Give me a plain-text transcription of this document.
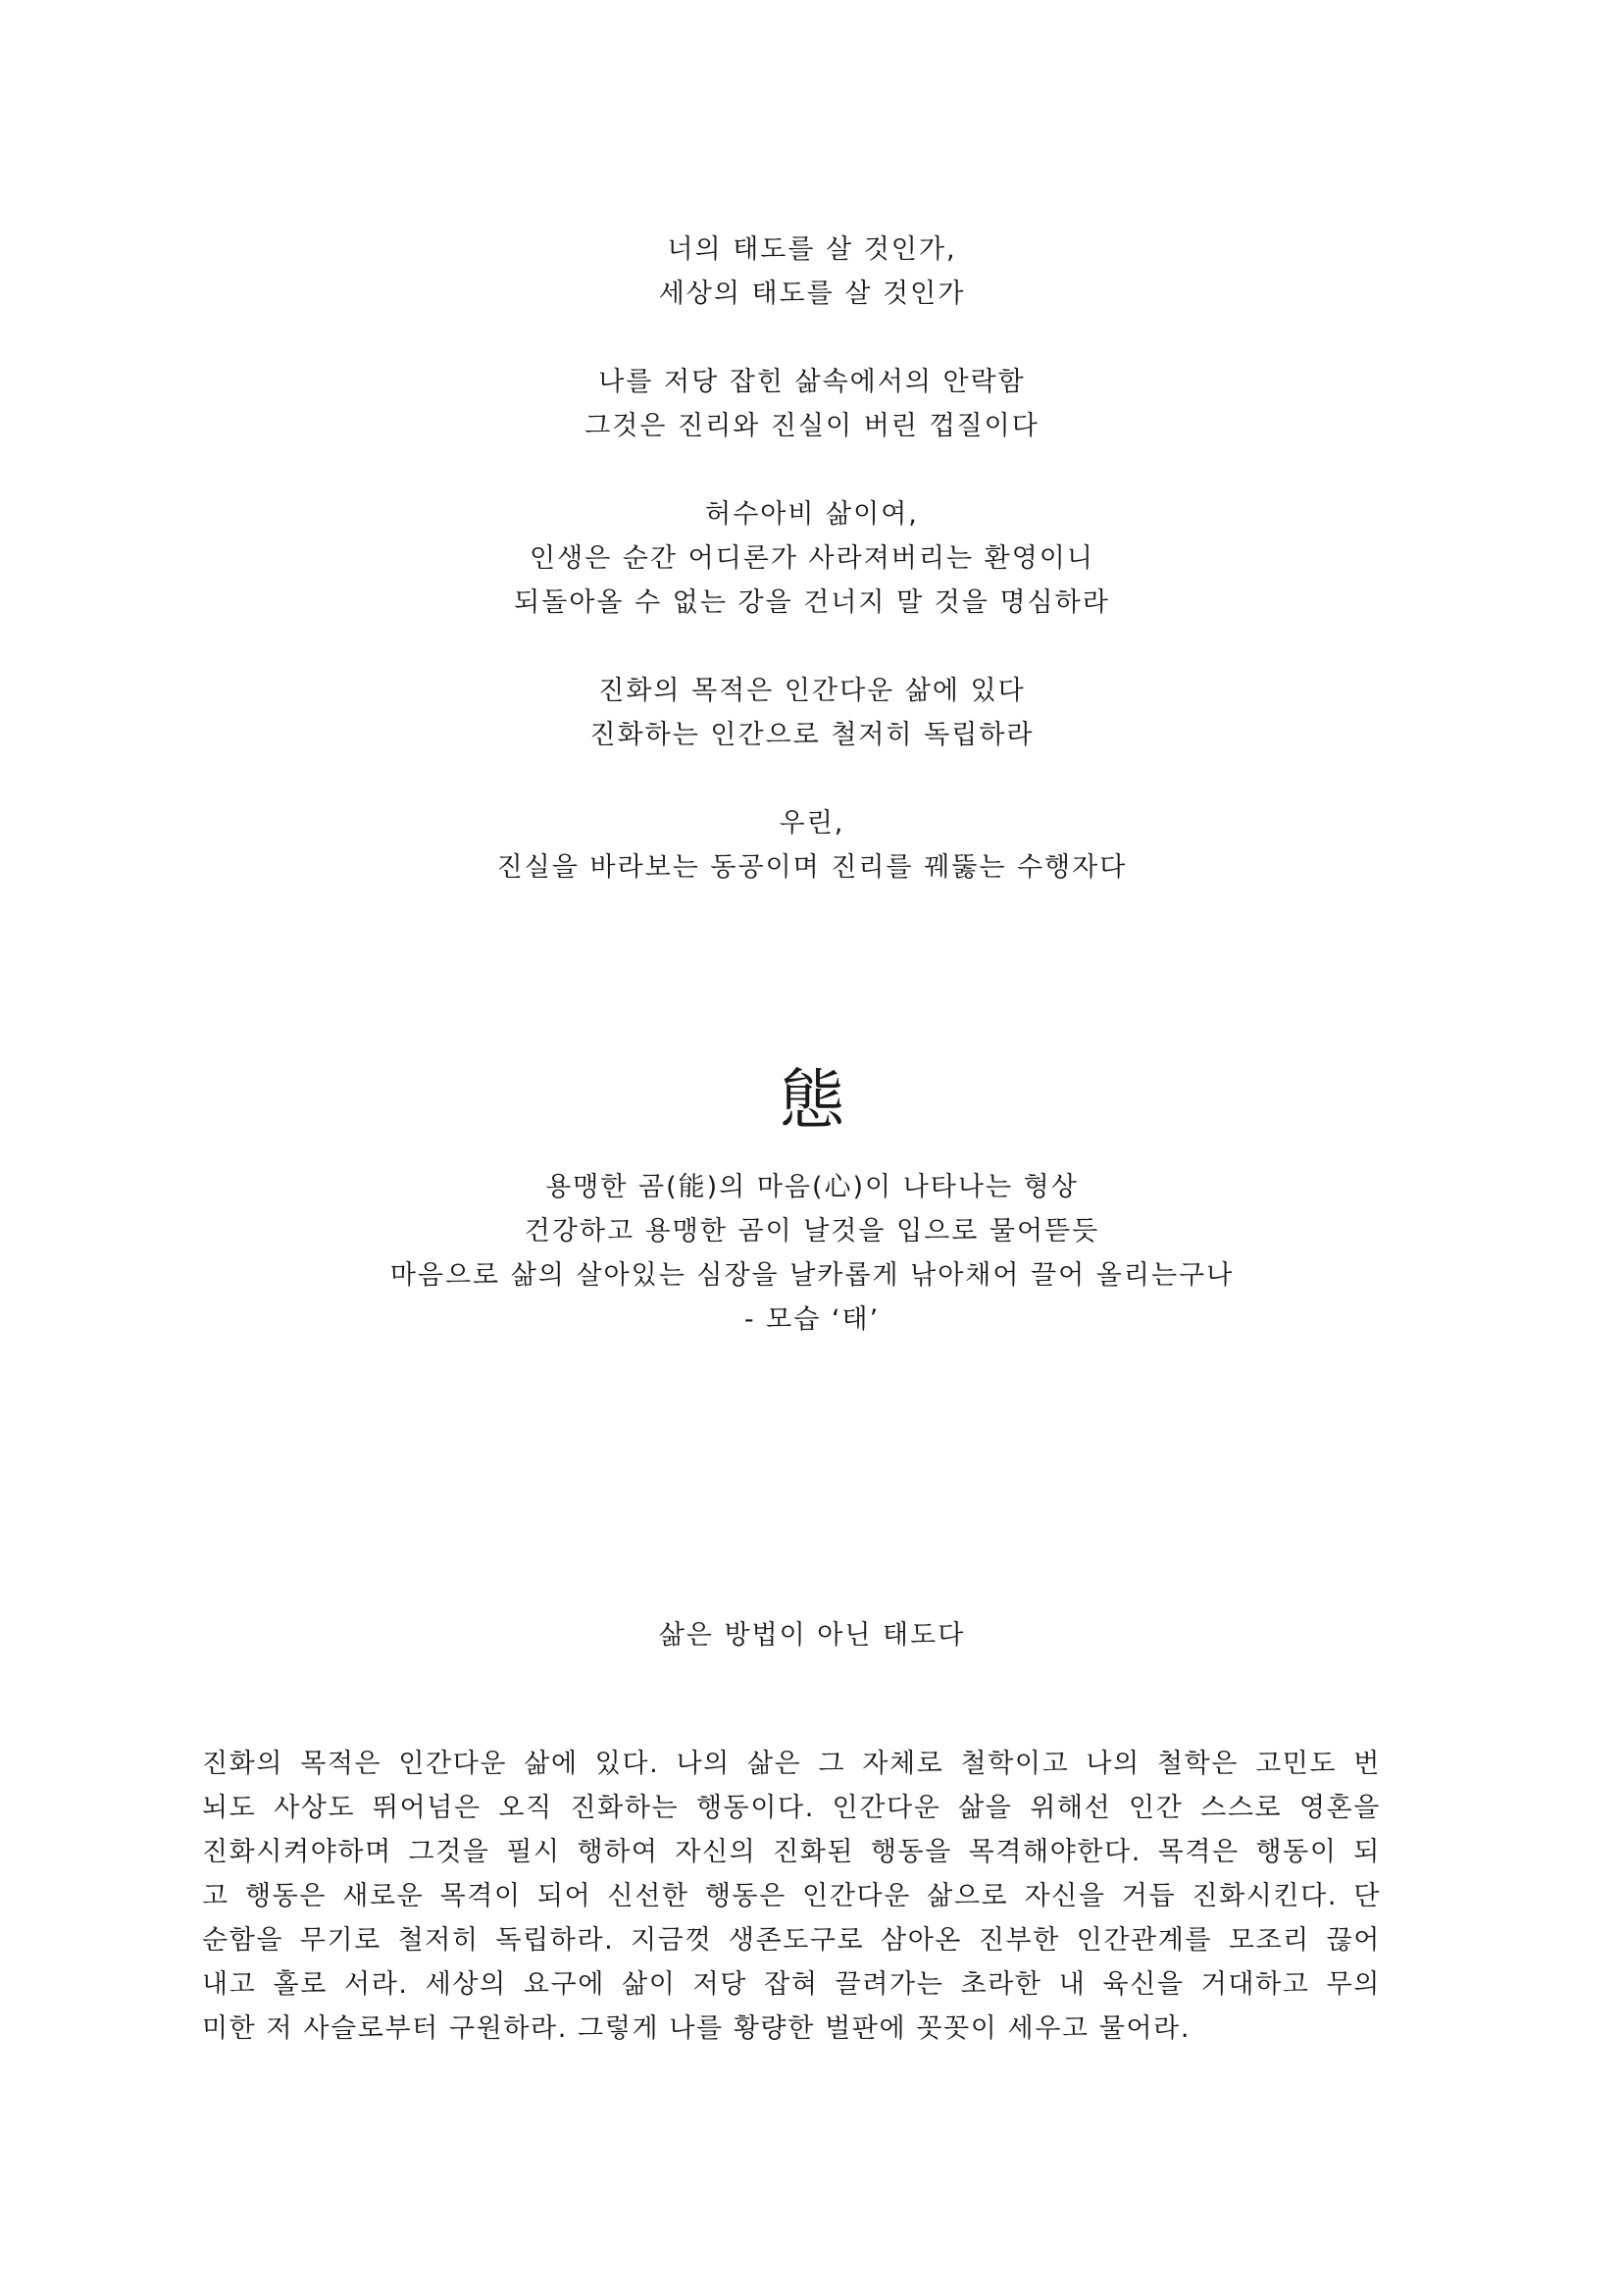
너의 태도를 살 것인가,
세상의 태도를 살 것인가
나를 저당 잡힌 삶속에서의 안락함
그것은 진리와 진실이 버린 껍질이다
허수아비 삶이여,
인생은 순간 어디론가 사라져버리는 환영이니
되돌아올 수 없는 강을 건너지 말 것을 명심하라
진화의 목적은 인간다운 삶에 있다
진화하는 인간으로 철저히 독립하라
우린,
진실을 바라보는 동공이며 진리를 꿰뚫는 수행자다
態
용맹한 곰(能)의 마음(心)이 나타나는 형상
건강하고 용맹한 곰이 날것을 입으로 물어뜯듯
마음으로 삶의 살아있는 심장을 날카롭게 낚아채어 끌어 올리는구나
- 모습 ‘태’
삶은 방법이 아닌 태도다
진화의 목적은 인간다운 삶에 있다. 나의 삶은 그 자체로 철학이고 나의 철학은 고민도 번
뇌도 사상도 뛰어넘은 오직 진화하는 행동이다. 인간다운 삶을 위해선 인간 스스로 영혼을
진화시켜야하며 그것을 필시 행하여 자신의 진화된 행동을 목격해야한다. 목격은 행동이 되
고 행동은 새로운 목격이 되어 신선한 행동은 인간다운 삶으로 자신을 거듭 진화시킨다. 단
순함을 무기로 철저히 독립하라. 지금껏 생존도구로 삼아온 진부한 인간관계를 모조리 끊어
내고 홀로 서라. 세상의 요구에 삶이 저당 잡혀 끌려가는 초라한 내 육신을 거대하고 무의
미한 저 사슬로부터 구원하라. 그렇게 나를 황량한 벌판에 꼿꼿이 세우고 물어라.
